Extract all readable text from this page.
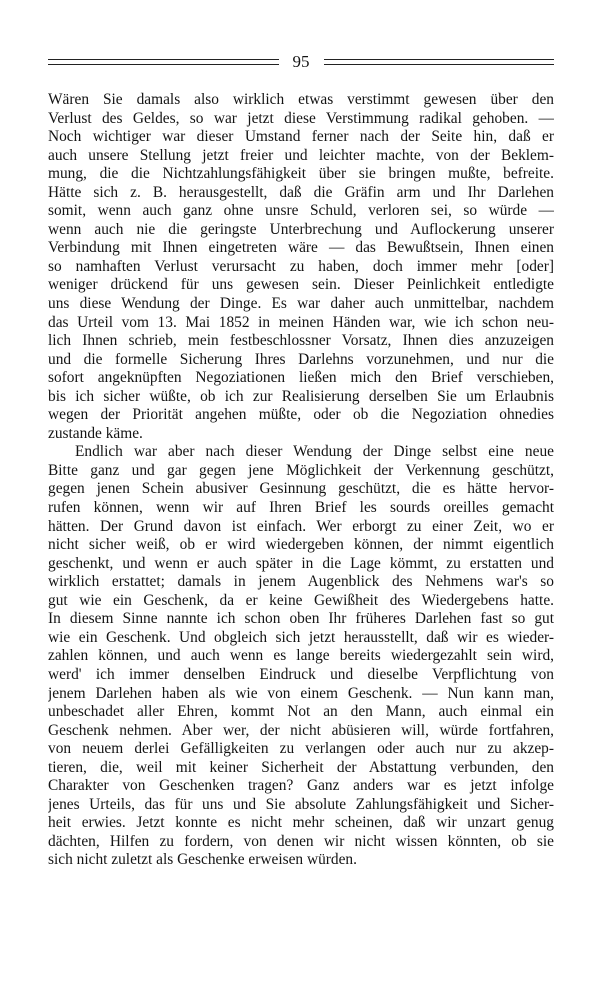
95
Wären Sie damals also wirklich etwas verstimmt gewesen über den
Verlust des Geldes, so war jetzt diese Verstimmung radikal gehoben. —
Noch wichtiger war dieser Umstand ferner nach der Seite hin, daß er
auch unsere Stellung jetzt freier und leichter machte, von der Beklem-
mung, die die Nichtzahlungsfähigkeit über sie bringen mußte, befreite.
Hätte sich z. B. herausgestellt, daß die Gräfin arm und Ihr Darlehen
somit, wenn auch ganz ohne unsre Schuld, verloren sei, so würde —
wenn auch nie die geringste Unterbrechung und Auflockerung unserer
Verbindung mit Ihnen eingetreten wäre — das Bewußtsein, Ihnen einen
so namhaften Verlust verursacht zu haben, doch immer mehr [oder]
weniger drückend für uns gewesen sein. Dieser Peinlichkeit entledigte
uns diese Wendung der Dinge. Es war daher auch unmittelbar, nachdem
das Urteil vom 13. Mai 1852 in meinen Händen war, wie ich schon neu-
lich Ihnen schrieb, mein festbeschlossner Vorsatz, Ihnen dies anzuzeigen
und die formelle Sicherung Ihres Darlehns vorzunehmen, und nur die
sofort angeknüpften Negoziationen ließen mich den Brief verschieben,
bis ich sicher wüßte, ob ich zur Realisierung derselben Sie um Erlaubnis
wegen der Priorität angehen müßte, oder ob die Negoziation ohnedies
zustande käme.
Endlich war aber nach dieser Wendung der Dinge selbst eine neue
Bitte ganz und gar gegen jene Möglichkeit der Verkennung geschützt,
gegen jenen Schein abusiver Gesinnung geschützt, die es hätte hervor-
rufen können, wenn wir auf Ihren Brief les sourds oreilles gemacht
hätten. Der Grund davon ist einfach. Wer erborgt zu einer Zeit, wo er
nicht sicher weiß, ob er wird wiedergeben können, der nimmt eigentlich
geschenkt, und wenn er auch später in die Lage kömmt, zu erstatten und
wirklich erstattet; damals in jenem Augenblick des Nehmens war's so
gut wie ein Geschenk, da er keine Gewißheit des Wiedergebens hatte.
In diesem Sinne nannte ich schon oben Ihr früheres Darlehen fast so gut
wie ein Geschenk. Und obgleich sich jetzt herausstellt, daß wir es wieder-
zahlen können, und auch wenn es lange bereits wiedergezahlt sein wird,
werd' ich immer denselben Eindruck und dieselbe Verpflichtung von
jenem Darlehen haben als wie von einem Geschenk. — Nun kann man,
unbeschadet aller Ehren, kommt Not an den Mann, auch einmal ein
Geschenk nehmen. Aber wer, der nicht abüsieren will, würde fortfahren,
von neuem derlei Gefälligkeiten zu verlangen oder auch nur zu akzep-
tieren, die, weil mit keiner Sicherheit der Abstattung verbunden, den
Charakter von Geschenken tragen? Ganz anders war es jetzt infolge
jenes Urteils, das für uns und Sie absolute Zahlungsfähigkeit und Sicher-
heit erwies. Jetzt konnte es nicht mehr scheinen, daß wir unzart genug
dächten, Hilfen zu fordern, von denen wir nicht wissen könnten, ob sie
sich nicht zuletzt als Geschenke erweisen würden.
